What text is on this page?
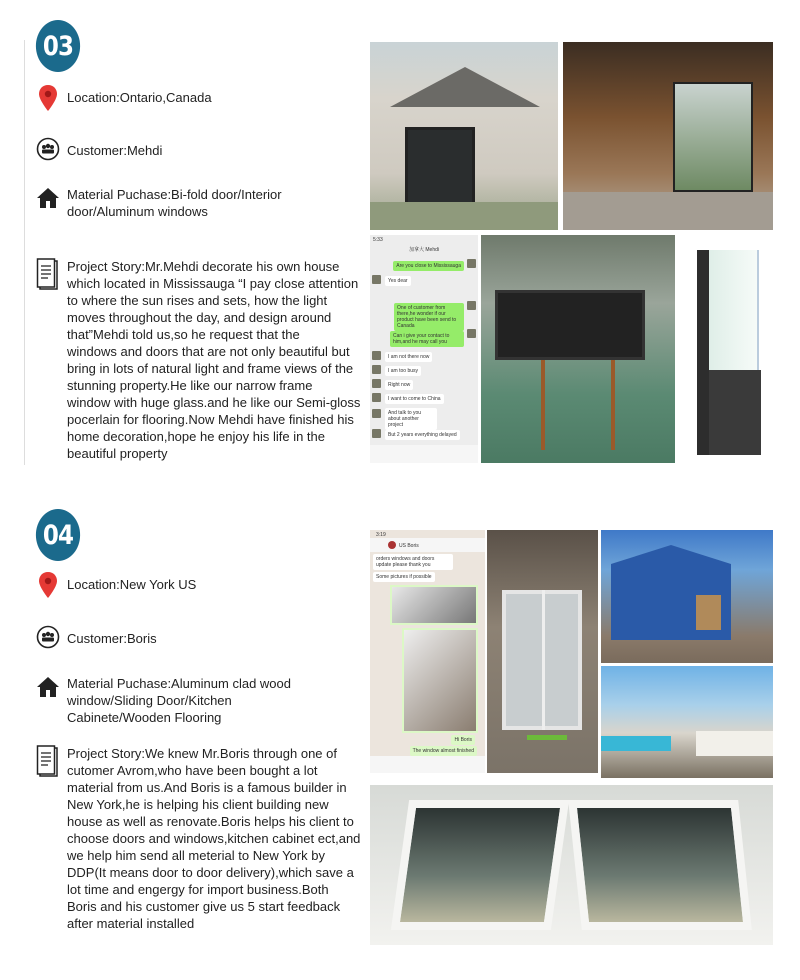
03
Location:Ontario,Canada
Customer:Mehdi
Material Puchase:Bi-fold door/Interior
door/Aluminum windows
Project Story:Mr.Mehdi decorate his own house
which located in Mississauga “I pay close attention
to where the sun rises and sets, how the light
moves throughout the day, and design around
that”Mehdi told us,so he request that the
windows and doors that are not only beautiful but
bring in lots of natural light and frame views of the
stunning property.He like our narrow frame
window with huge glass.and he like our Semi-gloss
pocerlain for flooring.Now Mehdi have finished his
home decoration,hope he enjoy his life in the
beautiful property
5:33
加拿大 Mehdi
Are you close to Mississauga
Yes dear
One of customer from there,he wonder if our product have been send to Canada
Can i give your contact to him,and he may call you
I am not there now
I am too busy
Right now
I want to come to China
And talk to you about another project
But 2 years everything delayed
04
Location:New York US
Customer:Boris
Material Puchase:Aluminum clad wood
window/Sliding Door/Kitchen
Cabinete/Wooden Flooring
Project Story:We knew Mr.Boris through one of
cutomer Avrom,who have been bought a lot
material from us.And Boris is a famous builder in
New York,he is helping his client building new
house as well as renovate.Boris helps his client to
choose doors and windows,kitchen cabinet ect,and
we help him send all meterial to New York by
DDP(It means door to door delivery),which save a
lot time and engergy for import business.Both
Boris and his customer give us 5 start feedback
after material installed
3:19
US Boris
orders windows and doors update please thank you
Some pictures if possible
Hi Boris
The window almost finished
